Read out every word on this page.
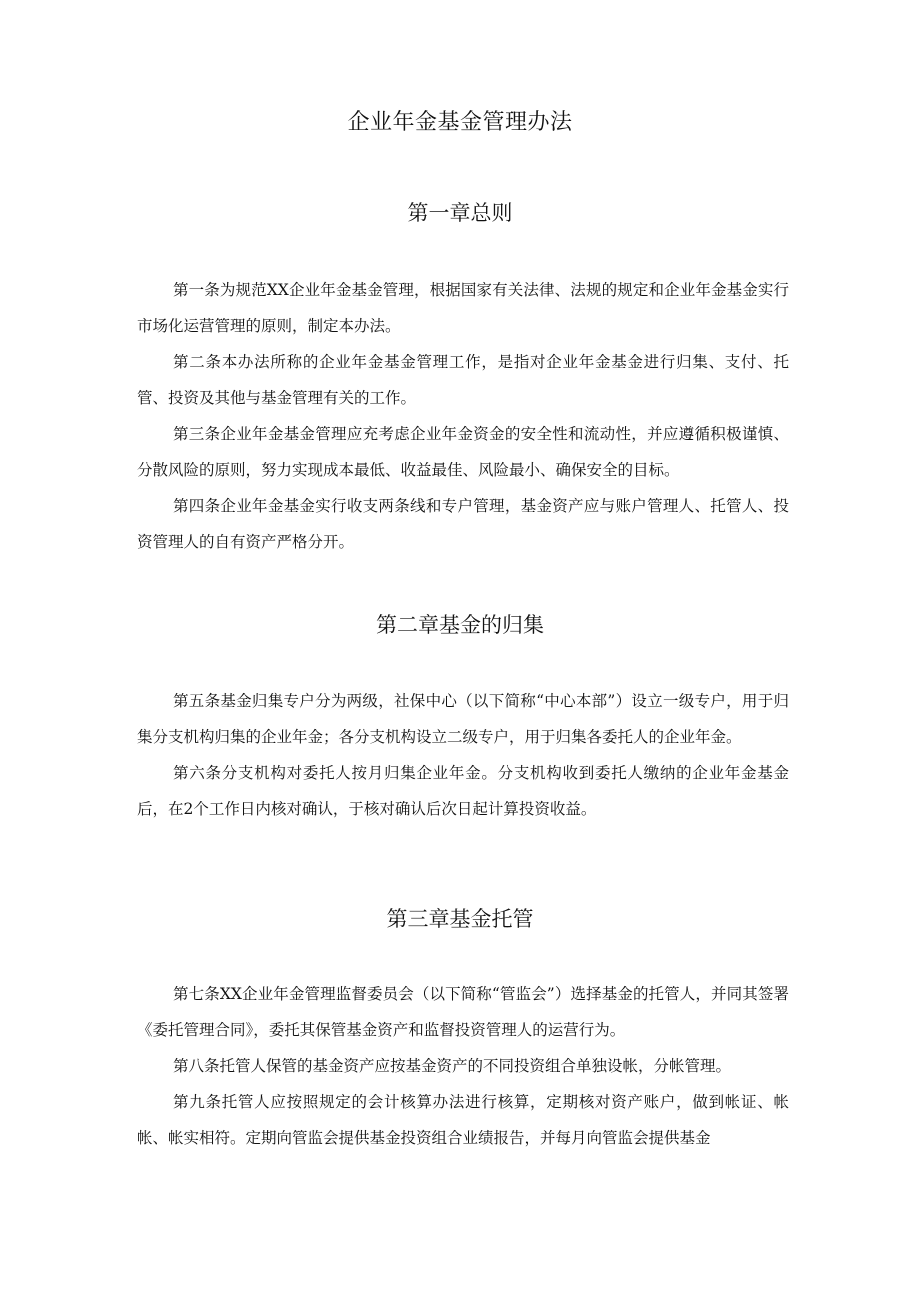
企业年金基金管理办法
第一章总则

第一条为规范XX企业年金基金管理，根据国家有关法律、法规的规定和企业年金基金实行市场化运营管理的原则，制定本办法。

第二条本办法所称的企业年金基金管理工作，是指对企业年金基金进行归集、支付、托管、投资及其他与基金管理有关的工作。

第三条企业年金基金管理应充考虑企业年金资金的安全性和流动性，并应遵循积极谨慎、分散风险的原则，努力实现成本最低、收益最佳、风险最小、确保安全的目标。

第四条企业年金基金实行收支两条线和专户管理，基金资产应与账户管理人、托管人、投资管理人的自有资产严格分开。

第二章基金的归集

第五条基金归集专户分为两级，社保中心（以下简称“中心本部”）设立一级专户，用于归集分支机构归集的企业年金；各分支机构设立二级专户，用于归集各委托人的企业年金。

第六条分支机构对委托人按月归集企业年金。分支机构收到委托人缴纳的企业年金基金后，在2个工作日内核对确认，于核对确认后次日起计算投资收益。

第三章基金托管

第七条XX企业年金管理监督委员会（以下简称“管监会”）选择基金的托管人，并同其签署《委托管理合同》，委托其保管基金资产和监督投资管理人的运营行为。

第八条托管人保管的基金资产应按基金资产的不同投资组合单独设帐，分帐管理。

第九条托管人应按照规定的会计核算办法进行核算，定期核对资产账户，做到帐证、帐帐、帐实相符。定期向管监会提供基金投资组合业绩报告，并每月向管监会提供基金
